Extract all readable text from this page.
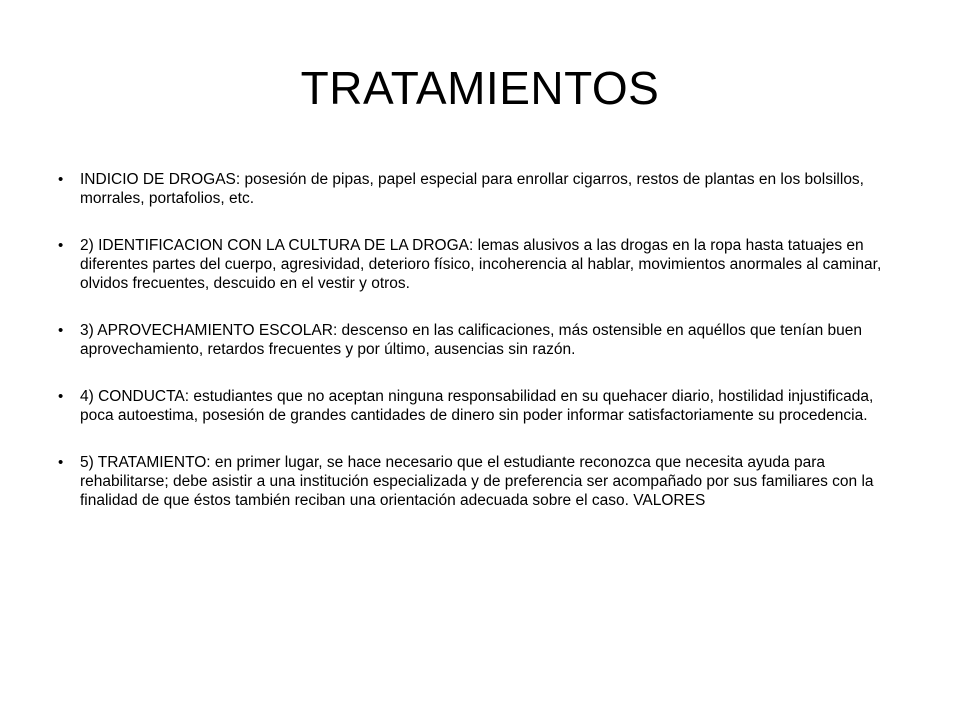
TRATAMIENTOS
• INDICIO DE DROGAS: posesión de pipas, papel especial para enrollar cigarros, restos de plantas en los bolsillos, morrales, portafolios, etc.
• 2) IDENTIFICACION CON LA CULTURA DE LA DROGA: lemas alusivos a las drogas en la ropa hasta tatuajes en diferentes partes del cuerpo, agresividad, deterioro físico, incoherencia al hablar, movimientos anormales al caminar, olvidos frecuentes, descuido en el vestir y otros.
• 3) APROVECHAMIENTO ESCOLAR: descenso en las calificaciones, más ostensible en aquéllos que tenían buen aprovechamiento, retardos frecuentes y por último, ausencias sin razón.
• 4) CONDUCTA: estudiantes que no aceptan ninguna responsabilidad en su quehacer diario, hostilidad injustificada, poca autoestima, posesión de grandes cantidades de dinero sin poder informar satisfactoriamente su procedencia.
• 5) TRATAMIENTO: en primer lugar, se hace necesario que el estudiante reconozca que necesita ayuda para rehabilitarse; debe asistir a una institución especializada y de preferencia ser acompañado por sus familiares con la finalidad de que éstos también reciban una orientación adecuada sobre el caso. VALORES
